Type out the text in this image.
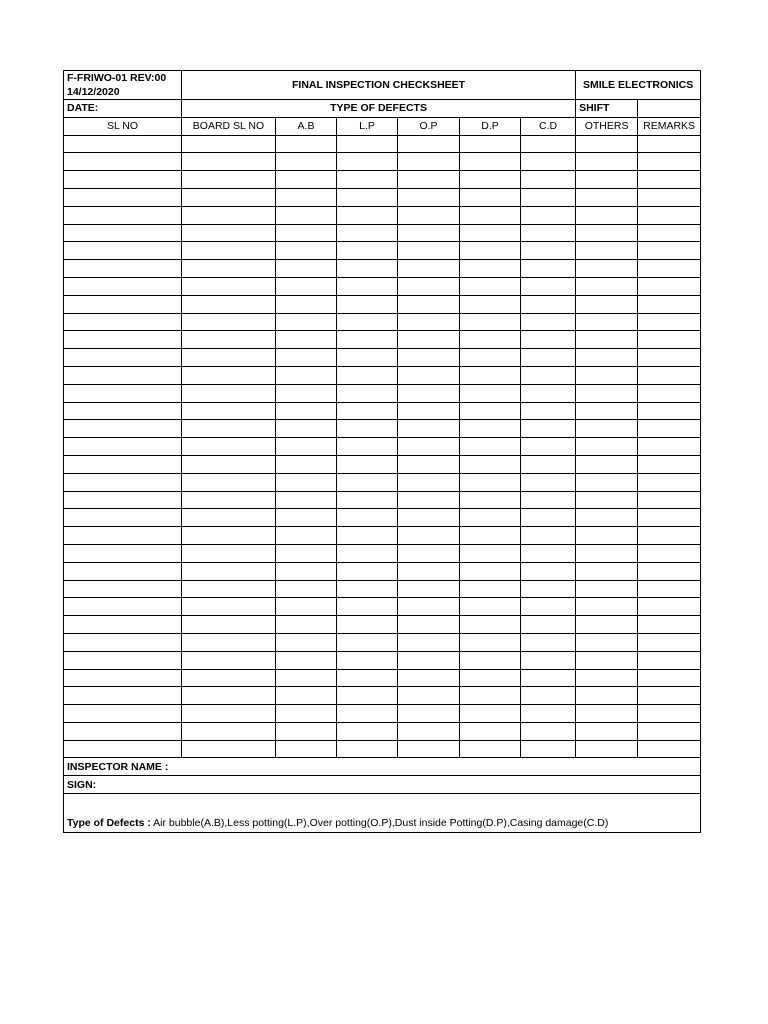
F-FRIWO-01 REV:00
14/12/2020	FINAL INSPECTION CHECKSHEET						SMILE ELECTRONICS	

DATE:	TYPE OF DEFECTS						SHIFT	
SL NO	BOARD SL NO	A.B	L.P	O.P	D.P	C.D	OTHERS	REMARKS

INSPECTOR NAME :								
SIGN:								
Type of Defects : Air bubble(A.B),Less potting(L.P),Over potting(O.P),Dust inside Potting(D.P),Casing damage(C.D)								
